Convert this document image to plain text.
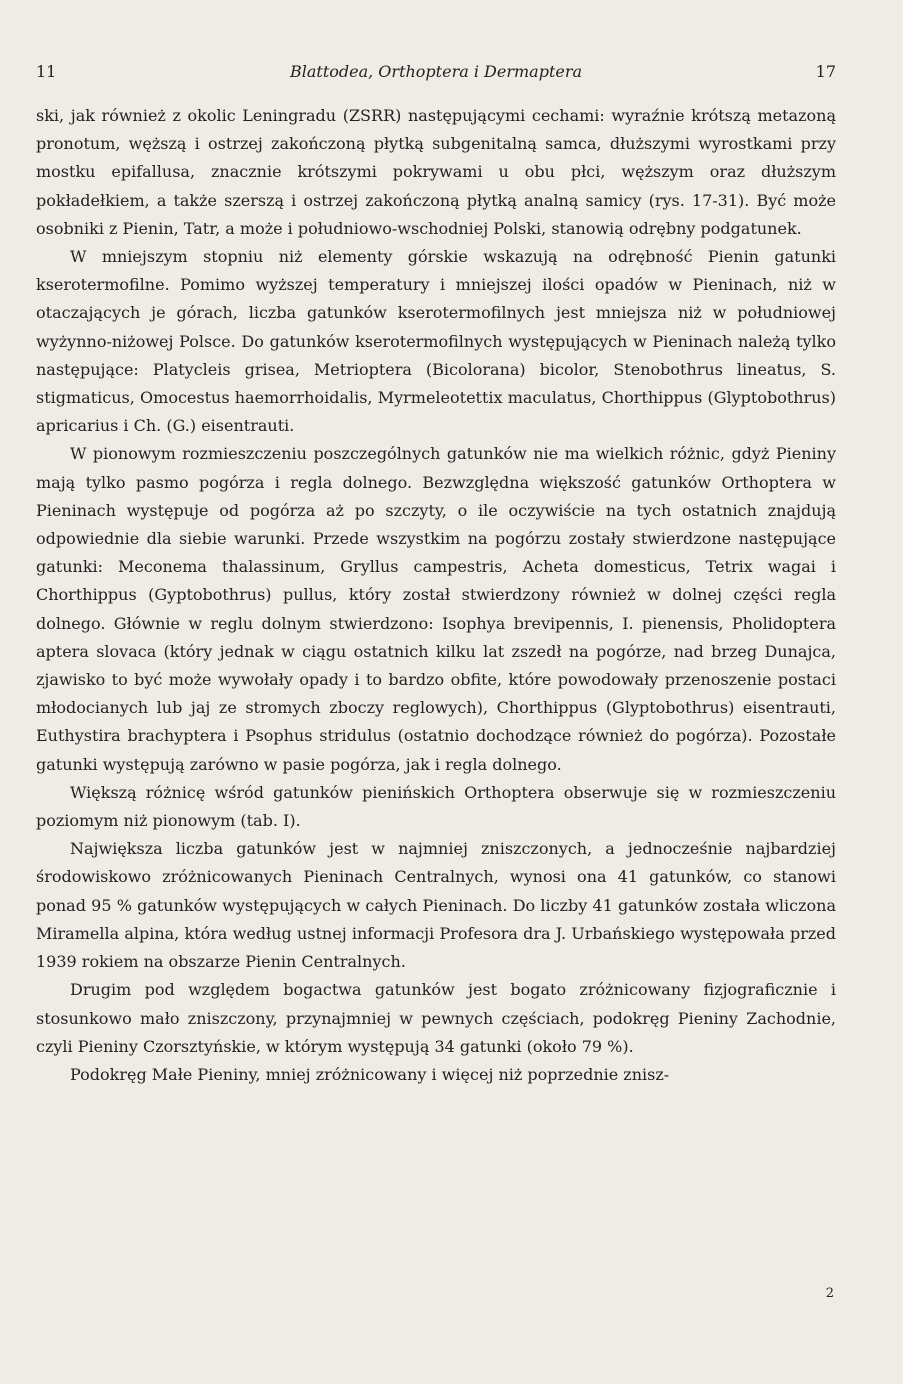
11	Blattodea, Orthoptera i Dermaptera	17

ski, jak również z okolic Leningradu (ZSRR) następującymi cechami: wyraźnie krótszą metazoną pronotum, węższą i ostrzej zakończoną płytką subgenitalną samca, dłuższymi wyrostkami przy mostku epifallusa, znacznie krótszymi pokrywami u obu płci, węższym oraz dłuższym pokładełkiem, a także szerszą i ostrzej zakończoną płytką analną samicy (rys. 17-31). Być może osobniki z Pienin, Tatr, a może i południowo-wschodniej Polski, stanowią odrębny podgatunek.

W mniejszym stopniu niż elementy górskie wskazują na odrębność Pienin gatunki kserotermofilne. Pomimo wyższej temperatury i mniejszej ilości opadów w Pieninach, niż w otaczających je górach, liczba gatunków kserotermofilnych jest mniejsza niż w południowej wyżynno-niżowej Polsce. Do gatunków kserotermofilnych występujących w Pieninach należą tylko następujące: Platycleis grisea, Metrioptera (Bicolorana) bicolor, Stenobothrus lineatus, S. stigmaticus, Omocestus haemorrhoidalis, Myrmeleotettix maculatus, Chorthippus (Glyptobothrus) apricarius i Ch. (G.) eisentrauti.

W pionowym rozmieszczeniu poszczególnych gatunków nie ma wielkich różnic, gdyż Pieniny mają tylko pasmo pogórza i regla dolnego. Bezwzględna większość gatunków Orthoptera w Pieninach występuje od pogórza aż po szczyty, o ile oczywiście na tych ostatnich znajdują odpowiednie dla siebie warunki. Przede wszystkim na pogórzu zostały stwierdzone następujące gatunki: Meconema thalassinum, Gryllus campestris, Acheta domesticus, Tetrix wagai i Chorthippus (Gyptobothrus) pullus, który został stwierdzony również w dolnej części regla dolnego. Głównie w reglu dolnym stwierdzono: Isophya brevipennis, I. pienensis, Pholidoptera aptera slovaca (który jednak w ciągu ostatnich kilku lat zszedł na pogórze, nad brzeg Dunajca, zjawisko to być może wywołały opady i to bardzo obfite, które powodowały przenoszenie postaci młodocianych lub jaj ze stromych zboczy reglowych), Chorthippus (Glyptobothrus) eisentrauti, Euthystira brachyptera i Psophus stridulus (ostatnio dochodzące również do pogórza). Pozostałe gatunki występują zarówno w pasie pogórza, jak i regla dolnego.

Większą różnicę wśród gatunków pienińskich Orthoptera obserwuje się w rozmieszczeniu poziomym niż pionowym (tab. I).

Największa liczba gatunków jest w najmniej zniszczonych, a jednocześnie najbardziej środowiskowo zróżnicowanych Pieninach Centralnych, wynosi ona 41 gatunków, co stanowi ponad 95 % gatunków występujących w całych Pieninach. Do liczby 41 gatunków została wliczona Miramella alpina, która według ustnej informacji Profesora dra J. Urbańskiego występowała przed 1939 rokiem na obszarze Pienin Centralnych.

Drugim pod względem bogactwa gatunków jest bogato zróżnicowany fizjograficznie i stosunkowo mało zniszczony, przynajmniej w pewnych częściach, podokręg Pieniny Zachodnie, czyli Pieniny Czorsztyńskie, w którym występują 34 gatunki (około 79 %).

Podokręg Małe Pieniny, mniej zróżnicowany i więcej niż poprzednie znisz-

2
